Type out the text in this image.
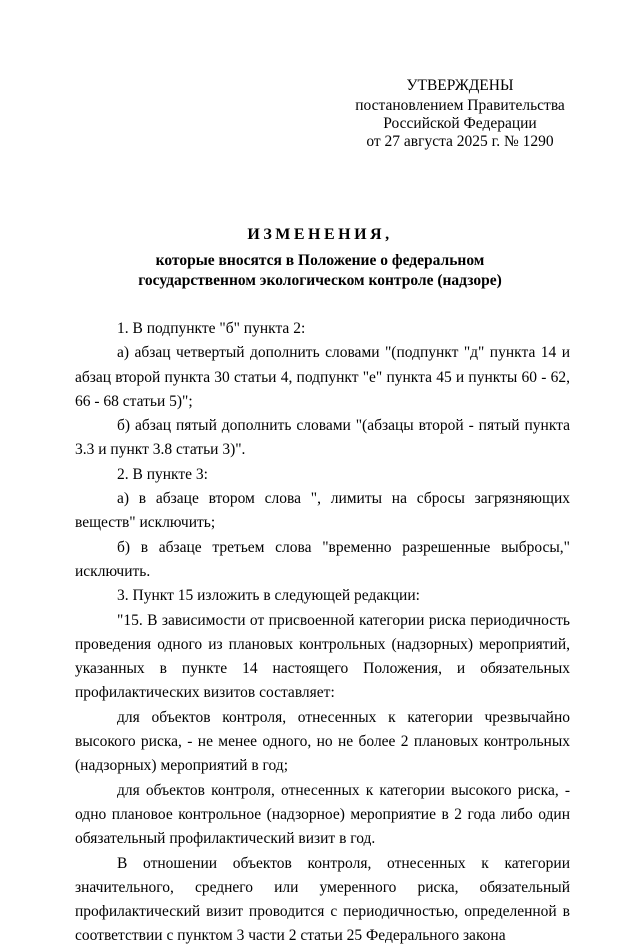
УТВЕРЖДЕНЫ
постановлением Правительства
Российской Федерации
от 27 августа 2025 г. № 1290
ИЗМЕНЕНИЯ,
которые вносятся в Положение о федеральном
государственном экологическом контроле (надзоре)

1. В подпункте "б" пункта 2:

а) абзац четвертый дополнить словами "(подпункт "д" пункта 14 и абзац второй пункта 30 статьи 4, подпункт "е" пункта 45 и пункты 60 - 62, 66 - 68 статьи 5)";

б) абзац пятый дополнить словами "(абзацы второй - пятый пункта 3.3 и пункт 3.8 статьи 3)".

2. В пункте 3:

а) в абзаце втором слова ", лимиты на сбросы загрязняющих веществ" исключить;

б) в абзаце третьем слова "временно разрешенные выбросы," исключить.

3. Пункт 15 изложить в следующей редакции:

"15. В зависимости от присвоенной категории риска периодичность проведения одного из плановых контрольных (надзорных) мероприятий, указанных в пункте 14 настоящего Положения, и обязательных профилактических визитов составляет:

для объектов контроля, отнесенных к категории чрезвычайно высокого риска, - не менее одного, но не более 2 плановых контрольных (надзорных) мероприятий в год;

для объектов контроля, отнесенных к категории высокого риска, - одно плановое контрольное (надзорное) мероприятие в 2 года либо один обязательный профилактический визит в год.

В отношении объектов контроля, отнесенных к категории значительного, среднего или умеренного риска, обязательный профилактический визит проводится с периодичностью, определенной в соответствии с пунктом 3 части 2 статьи 25 Федерального закона
